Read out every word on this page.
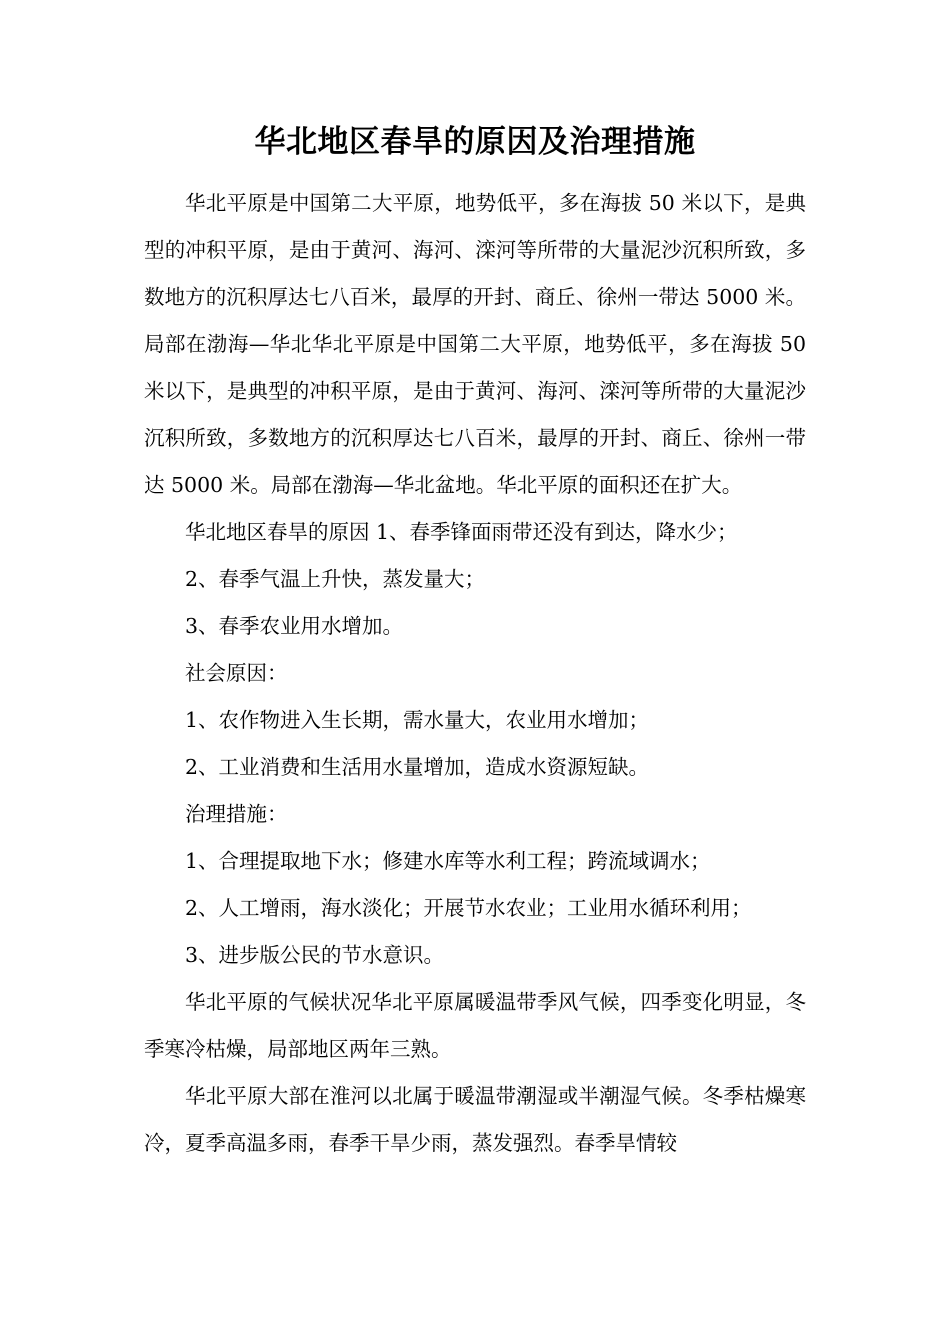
华北地区春旱的原因及治理措施

华北平原是中国第二大平原，地势低平，多在海拔 50 米以下，是典型的冲积平原，是由于黄河、海河、滦河等所带的大量泥沙沉积所致，多数地方的沉积厚达七八百米，最厚的开封、商丘、徐州一带达 5000 米。局部在渤海—华北华北平原是中国第二大平原，地势低平，多在海拔 50 米以下，是典型的冲积平原，是由于黄河、海河、滦河等所带的大量泥沙沉积所致，多数地方的沉积厚达七八百米，最厚的开封、商丘、徐州一带达 5000 米。局部在渤海—华北盆地。华北平原的面积还在扩大。

华北地区春旱的原因 1、春季锋面雨带还没有到达，降水少；

2、春季气温上升快，蒸发量大；

3、春季农业用水增加。

社会原因：

1、农作物进入生长期，需水量大，农业用水增加；

2、工业消费和生活用水量增加，造成水资源短缺。

治理措施：

1、合理提取地下水；修建水库等水利工程；跨流域调水；

2、人工增雨，海水淡化；开展节水农业；工业用水循环利用；

3、进步版公民的节水意识。

华北平原的气候状况华北平原属暖温带季风气候，四季变化明显，冬季寒冷枯燥，局部地区两年三熟。

华北平原大部在淮河以北属于暖温带潮湿或半潮湿气候。冬季枯燥寒冷，夏季高温多雨，春季干旱少雨，蒸发强烈。春季旱情较
